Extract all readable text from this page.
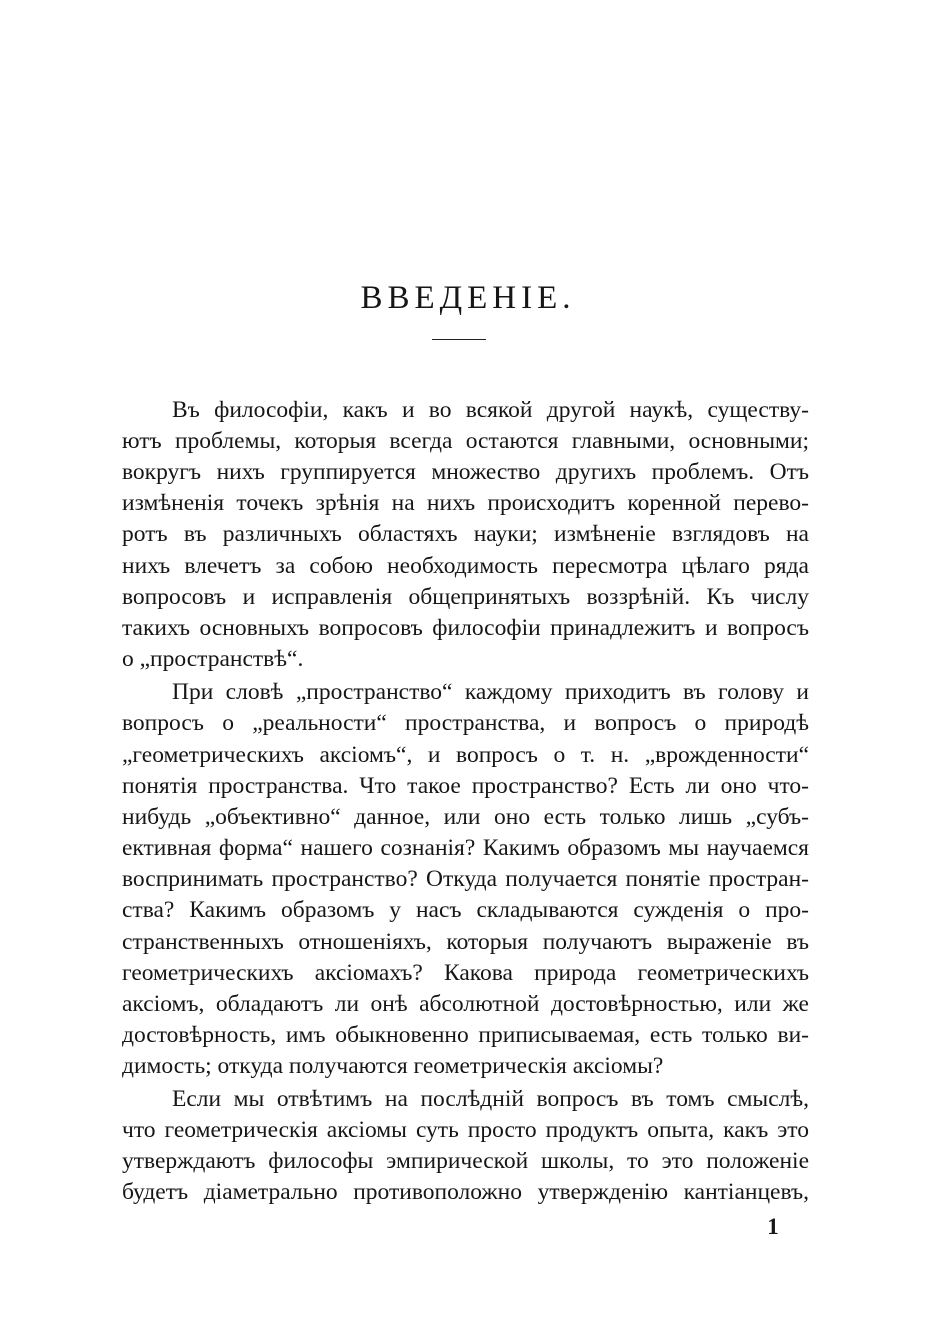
ВВЕДЕНІЕ.
Въ философіи, какъ и во всякой другой наукѣ, существу-
ютъ проблемы, которыя всегда остаются главными, основными;
вокругъ нихъ группируется множество другихъ проблемъ. Отъ
измѣненія точекъ зрѣнія на нихъ происходитъ коренной перево-
ротъ въ различныхъ областяхъ науки; измѣненіе взглядовъ на
нихъ влечетъ за собою необходимость пересмотра цѣлаго ряда
вопросовъ и исправленія общепринятыхъ воззрѣній. Къ числу
такихъ основныхъ вопросовъ философіи принадлежитъ и вопросъ
о „пространствѣ“.
При словѣ „пространство“ каждому приходитъ въ голову и
вопросъ о „реальности“ пространства, и вопросъ о природѣ
„геометрическихъ аксіомъ“, и вопросъ о т. н. „врожденности“
понятія пространства. Что такое пространство? Есть ли оно что-
нибудь „объективно“ данное, или оно есть только лишь „субъ-
ективная форма“ нашего сознанія? Какимъ образомъ мы научаемся
воспринимать пространство? Откуда получается понятіе простран-
ства? Какимъ образомъ у насъ складываются сужденія о про-
странственныхъ отношеніяхъ, которыя получаютъ выраженіе въ
геометрическихъ аксіомахъ? Какова природа геометрическихъ
аксіомъ, обладаютъ ли онѣ абсолютной достовѣрностью, или же
достовѣрность, имъ обыкновенно приписываемая, есть только ви-
димость; откуда получаются геометрическія аксіомы?
Если мы отвѣтимъ на послѣдній вопросъ въ томъ смыслѣ,
что геометрическія аксіомы суть просто продуктъ опыта, какъ это
утверждаютъ философы эмпирической школы, то это положеніе
будетъ діаметрально противоположно утвержденію кантіанцевъ,
1
